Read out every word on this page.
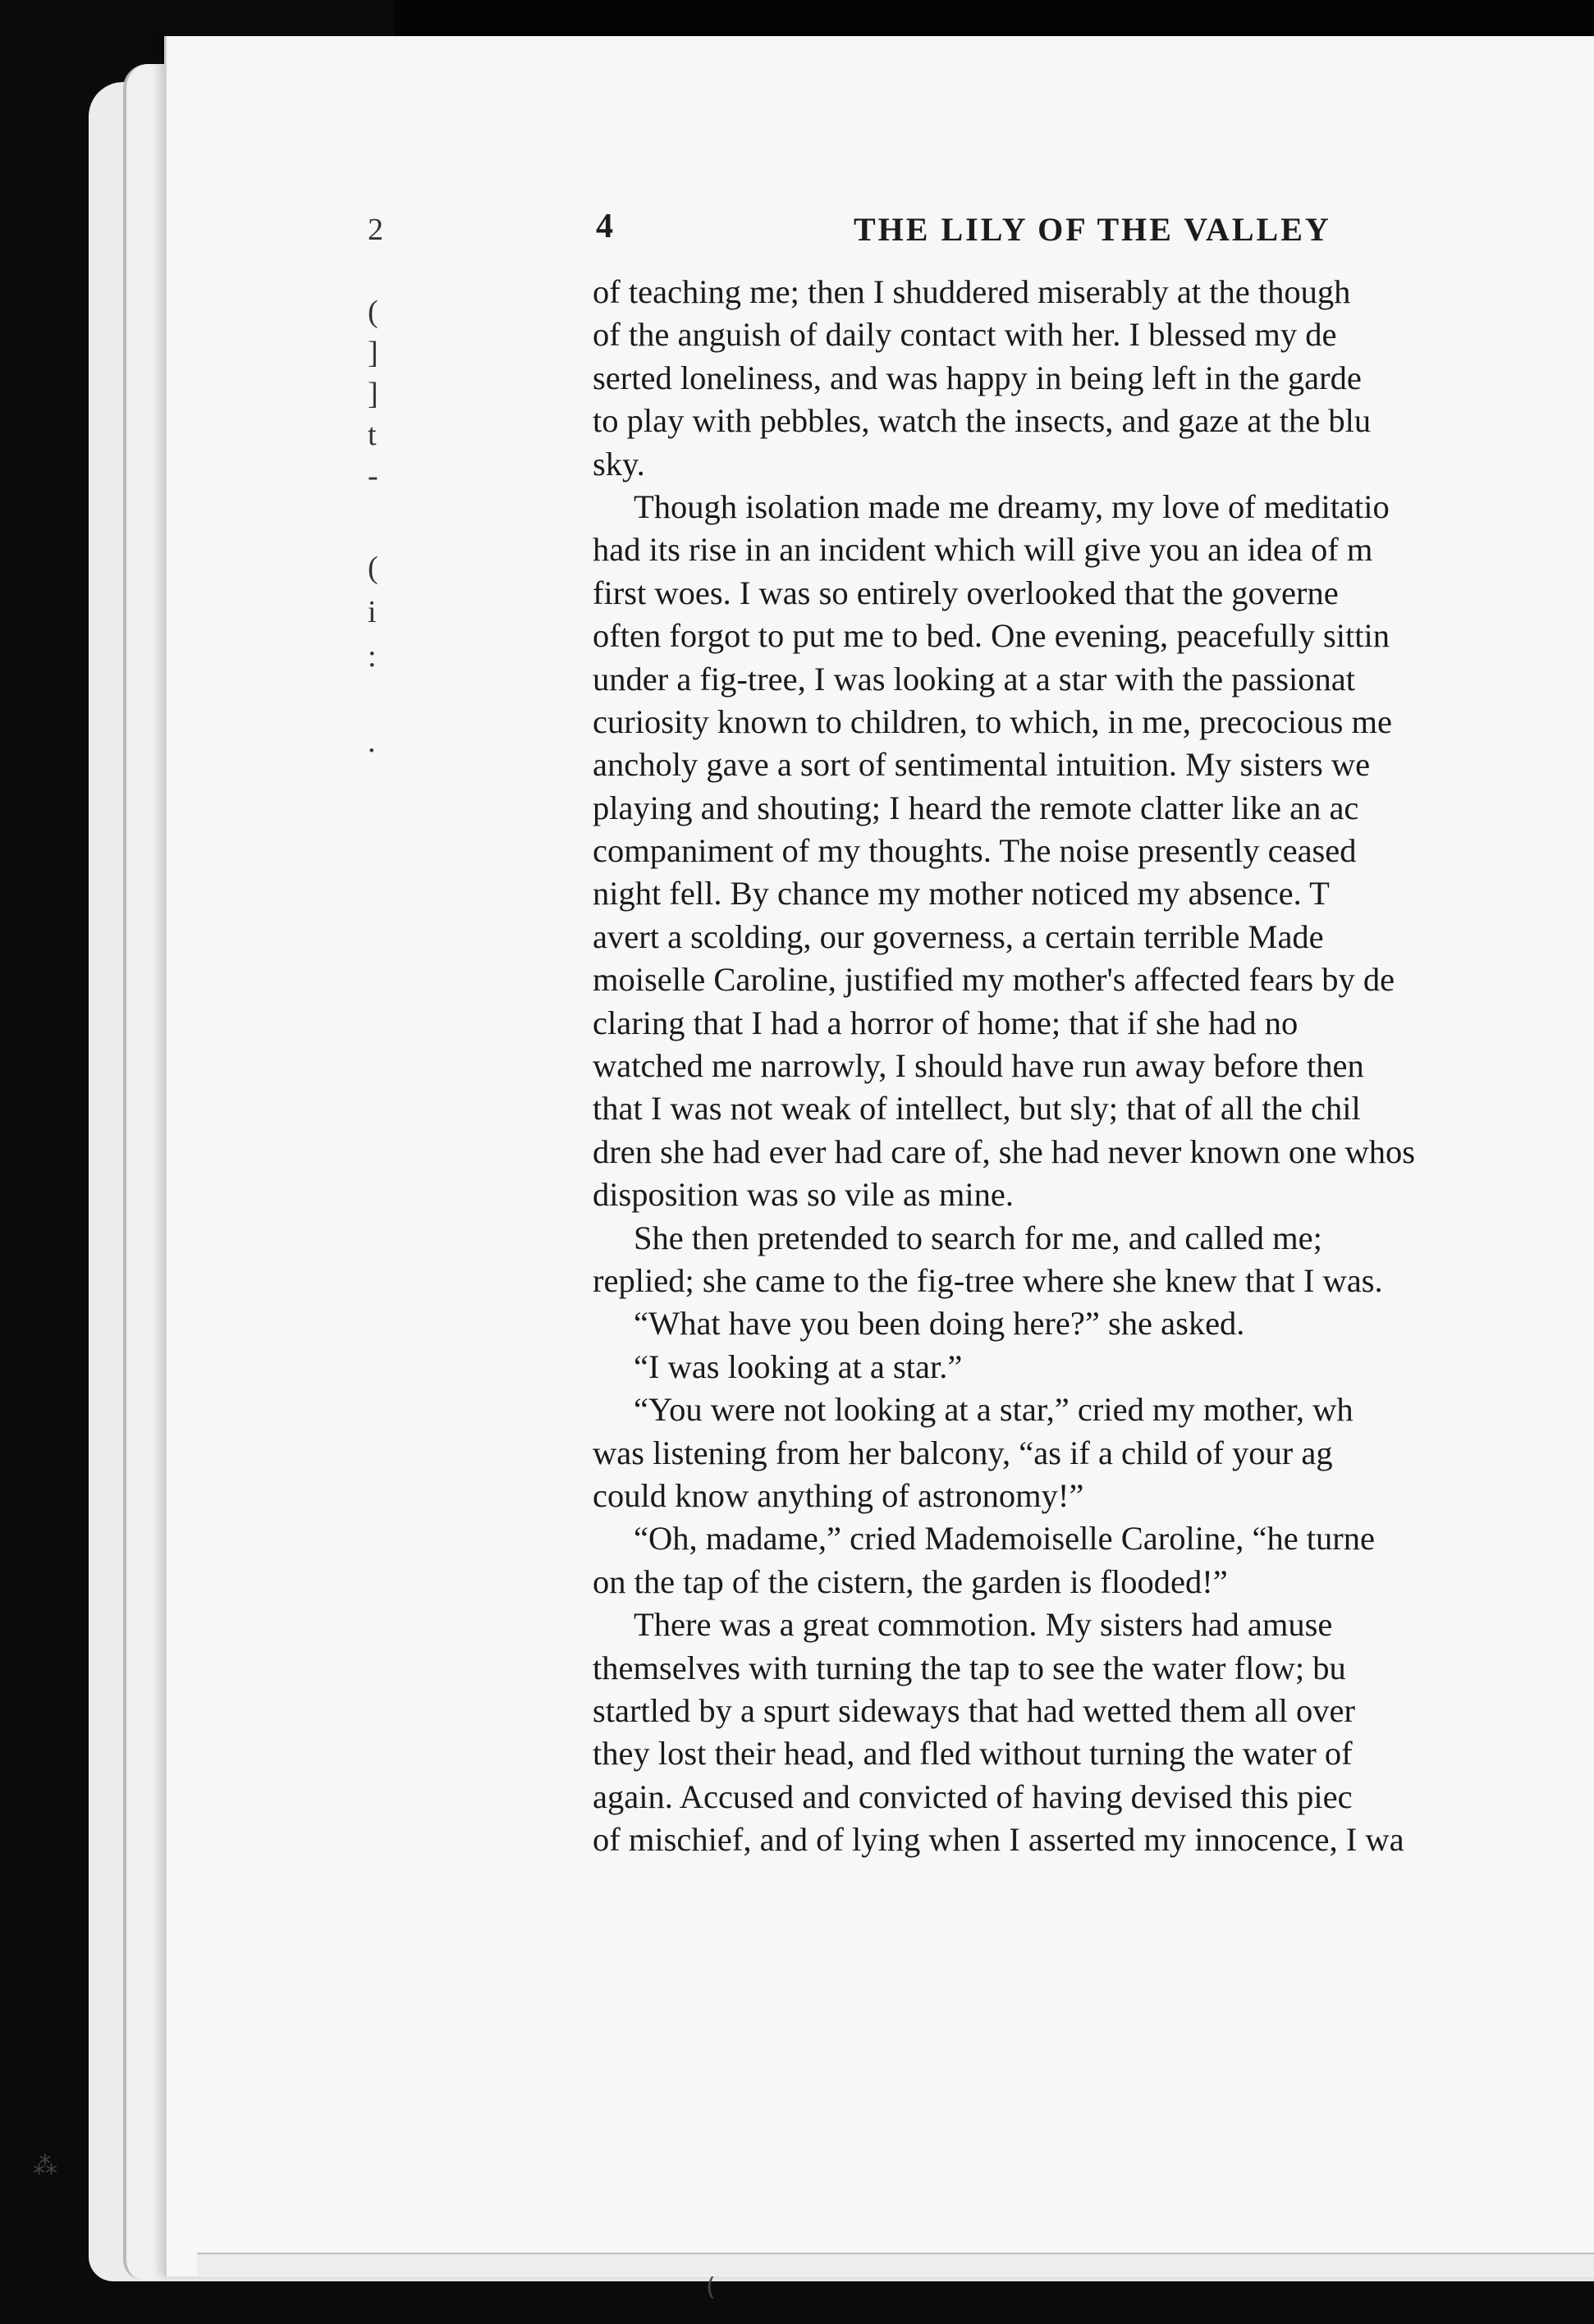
2
(
]
]
t
-
(
i
:
.
4	THE LILY OF THE VALLEY
of teaching me; then I shuddered miserably at the though
of the anguish of daily contact with her. I blessed my de
serted loneliness, and was happy in being left in the garde
to play with pebbles, watch the insects, and gaze at the blu
sky.
Though isolation made me dreamy, my love of meditatio
had its rise in an incident which will give you an idea of m
first woes. I was so entirely overlooked that the governe
often forgot to put me to bed. One evening, peacefully sittin
under a fig-tree, I was looking at a star with the passionat
curiosity known to children, to which, in me, precocious me
ancholy gave a sort of sentimental intuition. My sisters we
playing and shouting; I heard the remote clatter like an ac
companiment of my thoughts. The noise presently ceased
night fell. By chance my mother noticed my absence. T
avert a scolding, our governess, a certain terrible Made
moiselle Caroline, justified my mother's affected fears by de
claring that I had a horror of home; that if she had no
watched me narrowly, I should have run away before then
that I was not weak of intellect, but sly; that of all the chil
dren she had ever had care of, she had never known one whos
disposition was so vile as mine.
She then pretended to search for me, and called me;
replied; she came to the fig-tree where she knew that I was.
“What have you been doing here?” she asked.
“I was looking at a star.”
“You were not looking at a star,” cried my mother, wh
was listening from her balcony, “as if a child of your ag
could know anything of astronomy!”
“Oh, madame,” cried Mademoiselle Caroline, “he turne
on the tap of the cistern, the garden is flooded!”
There was a great commotion. My sisters had amuse
themselves with turning the tap to see the water flow; bu
startled by a spurt sideways that had wetted them all over
they lost their head, and fled without turning the water of
again. Accused and convicted of having devised this piec
of mischief, and of lying when I asserted my innocence, I wa
⁂
(
